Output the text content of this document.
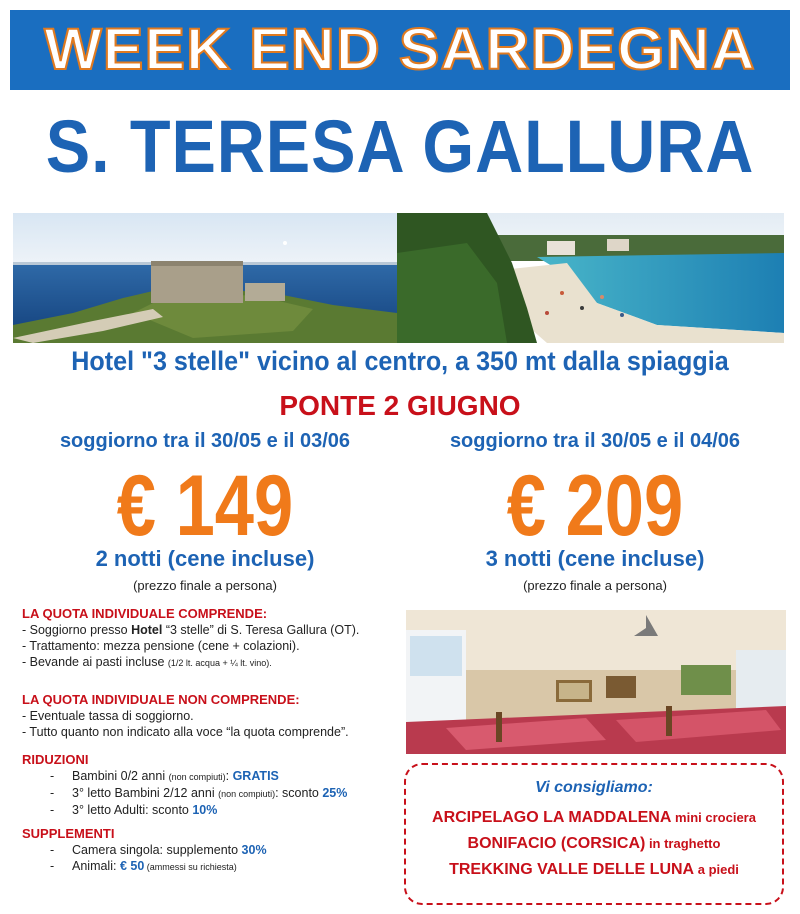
WEEK END SARDEGNA
S. TERESA GALLURA
Hotel "3 stelle" vicino al centro, a 350 mt dalla spiaggia
PONTE 2 GIUGNO
soggiorno tra il 30/05 e il 03/06
€ 149
2 notti (cene incluse)
(prezzo finale a persona)
soggiorno tra il 30/05 e il 04/06
€ 209
3 notti (cene incluse)
(prezzo finale a persona)
LA QUOTA INDIVIDUALE COMPRENDE:
- Soggiorno presso Hotel “3 stelle” di S. Teresa Gallura (OT).
- Trattamento: mezza pensione (cene + colazioni).
- Bevande ai pasti incluse (1/2 lt. acqua + ¼ lt. vino).
LA QUOTA INDIVIDUALE NON COMPRENDE:
- Eventuale tassa di soggiorno.
- Tutto quanto non indicato alla voce “la quota comprende”.
RIDUZIONI
- Bambini 0/2 anni (non compiuti): GRATIS
- 3° letto Bambini 2/12 anni (non compiuti): sconto 25%
- 3° letto Adulti: sconto 10%
SUPPLEMENTI
- Camera singola: supplemento 30%
- Animali: € 50 (ammessi su richiesta)
Vi consigliamo:
ARCIPELAGO LA MADDALENA mini crociera
BONIFACIO (CORSICA) in traghetto
TREKKING VALLE DELLE LUNA a piedi
